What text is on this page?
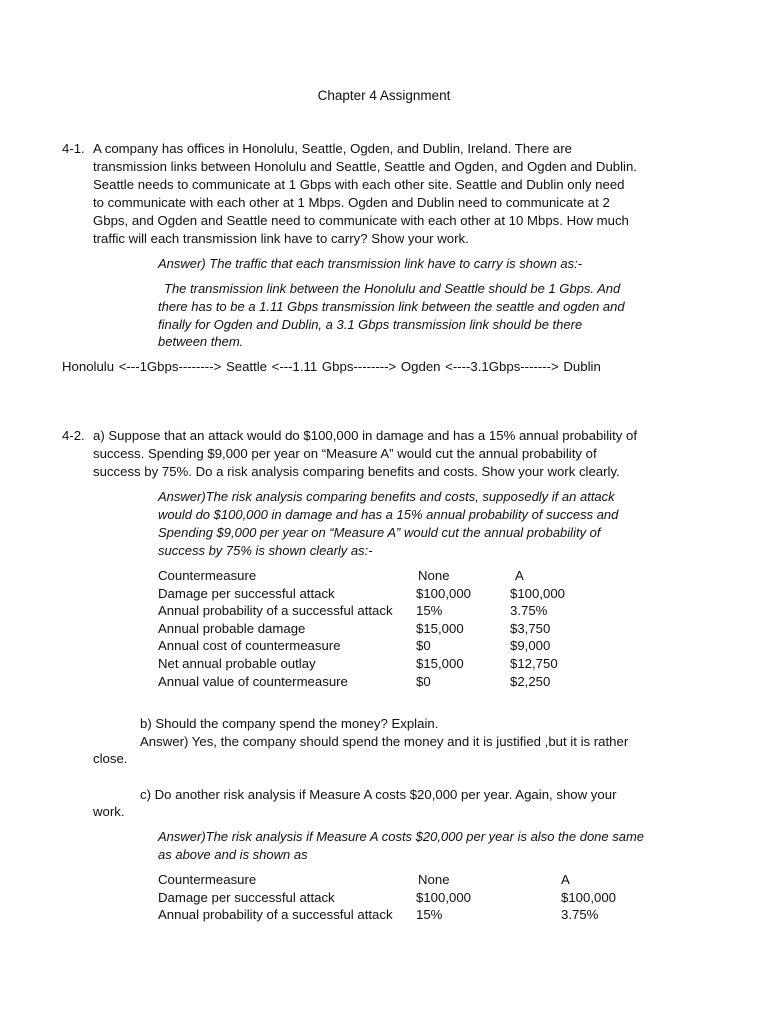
Chapter 4 Assignment
4-1. A company has offices in Honolulu, Seattle, Ogden, and Dublin, Ireland. There are
transmission links between Honolulu and Seattle, Seattle and Ogden, and Ogden and Dublin.
Seattle needs to communicate at 1 Gbps with each other site. Seattle and Dublin only need
to communicate with each other at 1 Mbps. Ogden and Dublin need to communicate at 2
Gbps, and Ogden and Seattle need to communicate with each other at 10 Mbps. How much
traffic will each transmission link have to carry? Show your work.
Answer) The traffic that each transmission link have to carry is shown as:-
The transmission link between the Honolulu and Seattle should be 1 Gbps. And
there has to be a 1.11 Gbps transmission link between the seattle and ogden and
finally for Ogden and Dublin, a 3.1 Gbps transmission link should be there
between them.
Honolulu <---1Gbps--------> Seattle <---1.11 Gbps--------> Ogden <----3.1Gbps-------> Dublin
4-2. a) Suppose that an attack would do $100,000 in damage and has a 15% annual probability of
success. Spending $9,000 per year on “Measure A” would cut the annual probability of
success by 75%. Do a risk analysis comparing benefits and costs. Show your work clearly.
Answer)The risk analysis comparing benefits and costs, supposedly if an attack
would do $100,000 in damage and has a 15% annual probability of success and
Spending $9,000 per year on “Measure A” would cut the annual probability of
success by 75% is shown clearly as:-
Countermeasure	None	A
Damage per successful attack	$100,000	$100,000
Annual probability of a successful attack 15%	3.75%
Annual probable damage	$15,000	$3,750
Annual cost of countermeasure	$0	$9,000
Net annual probable outlay	$15,000	$12,750
Annual value of countermeasure	$0	$2,250
b) Should the company spend the money? Explain.
Answer) Yes, the company should spend the money and it is justified ,but it is rather
close.
c) Do another risk analysis if Measure A costs $20,000 per year. Again, show your
work.
Answer)The risk analysis if Measure A costs $20,000 per year is also the done same
as above and is shown as
Countermeasure	None	A
Damage per successful attack	$100,000	$100,000
Annual probability of a successful attack 15%	3.75%
